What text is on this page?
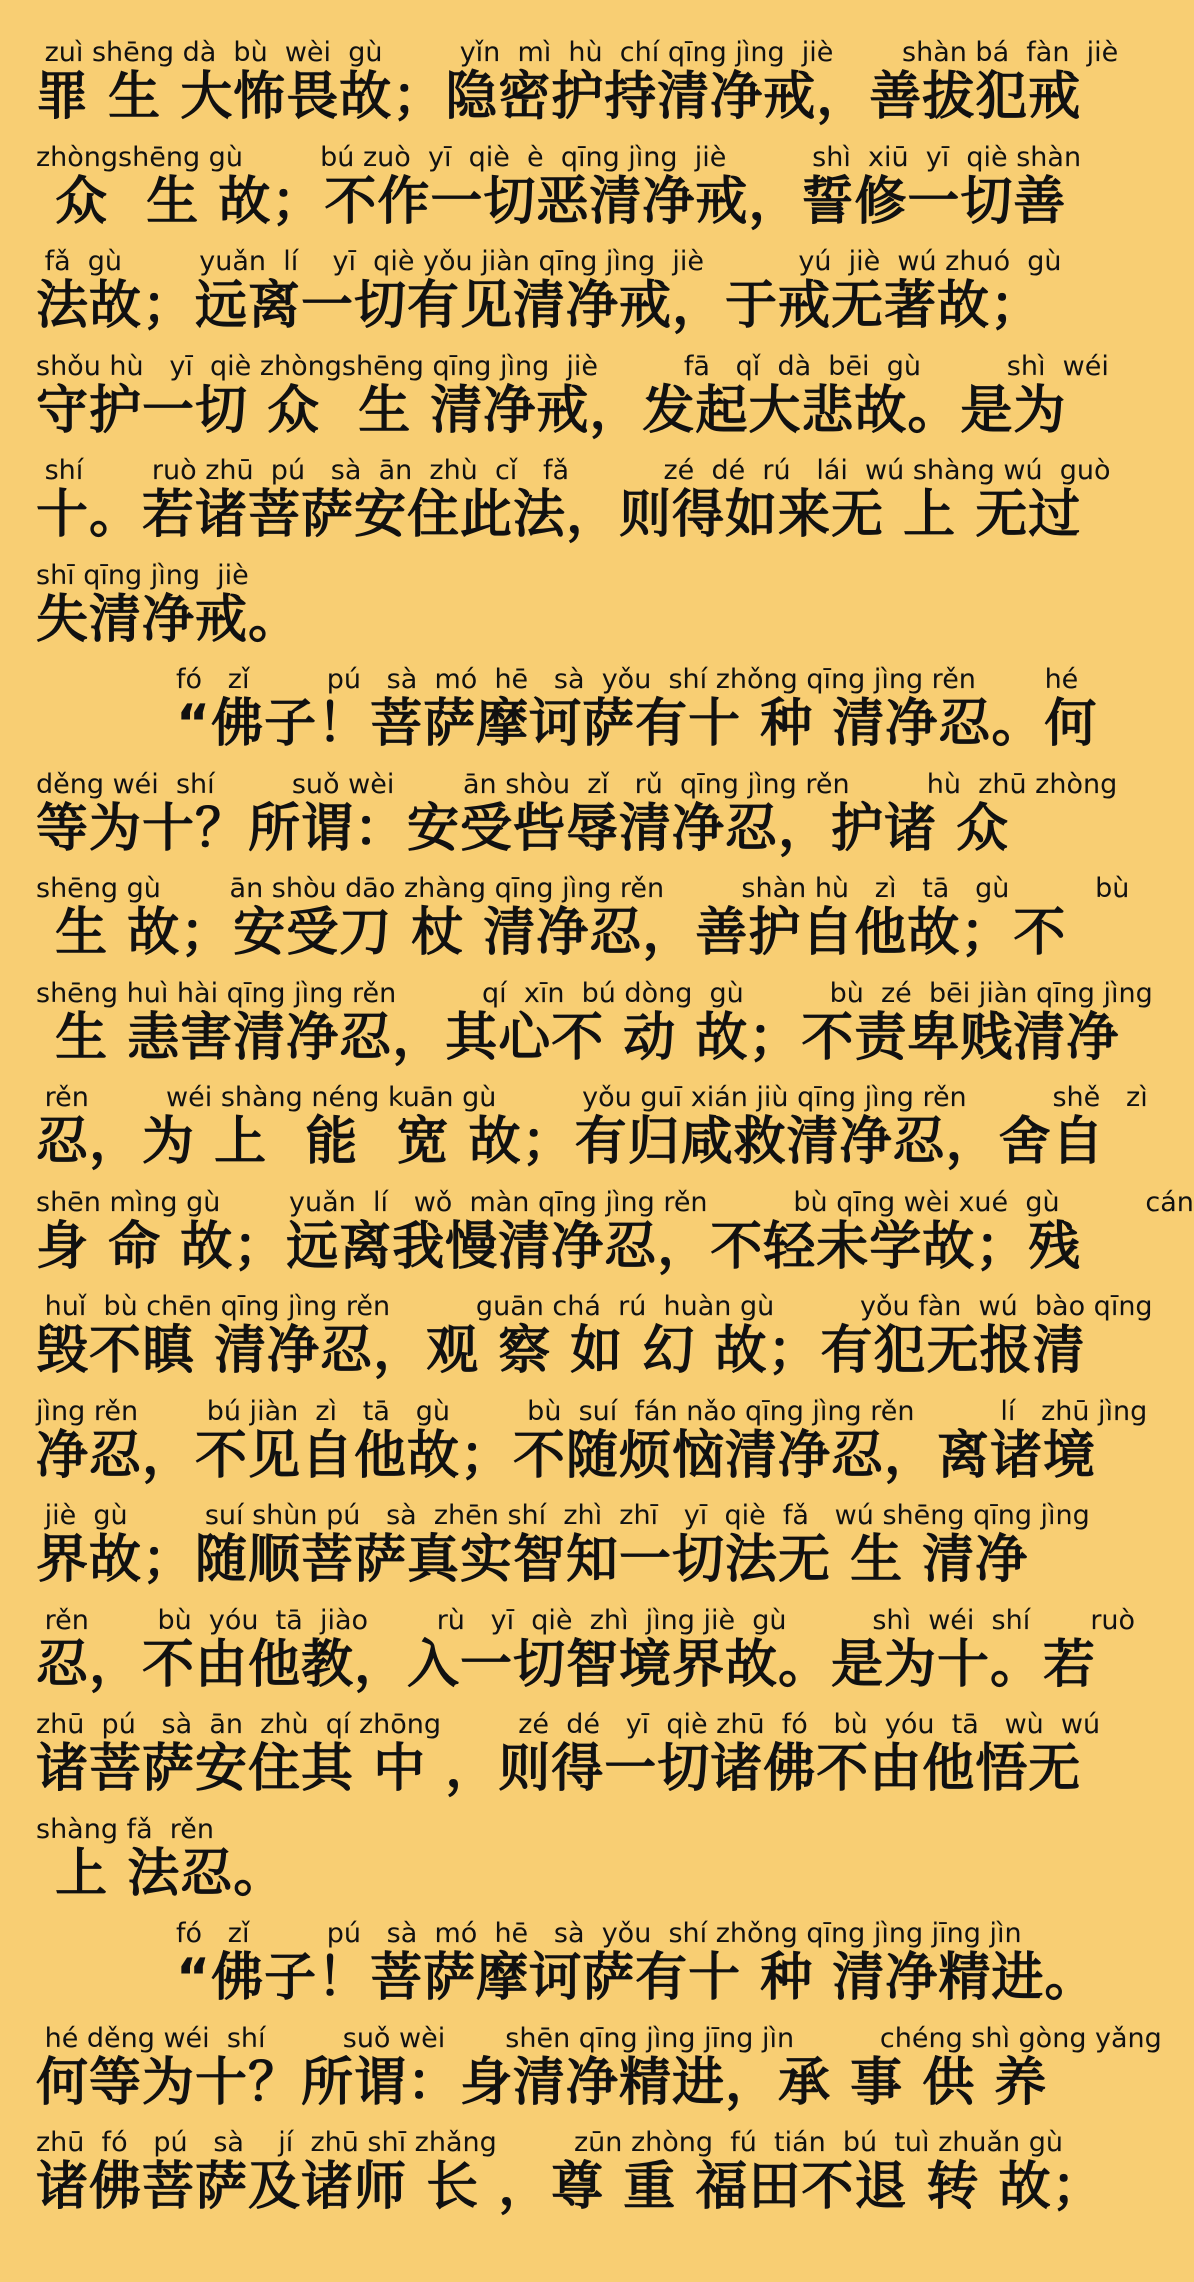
zuì shēng dà  bù  wèi  gù         yǐn  mì  hù  chí qīng jìng  jiè        shàn bá  fàn  jiè
罪 生 大怖畏故；隐密护持清净戒，善拔犯戒
zhòngshēng gù         bú zuò  yī  qiè  è  qīng jìng  jiè          shì  xiū  yī  qiè shàn
众  生 故；不作一切恶清净戒，誓修一切善
fǎ  gù         yuǎn  lí    yī  qiè yǒu jiàn qīng jìng  jiè           yú  jiè  wú zhuó  gù
法故；远离一切有见清净戒，于戒无著故；
shǒu hù   yī  qiè zhòngshēng qīng jìng  jiè          fā   qǐ  dà  bēi  gù          shì  wéi
守护一切 众  生 清净戒，发起大悲故。是为
shí        ruò zhū  pú   sà  ān  zhù  cǐ   fǎ           zé  dé  rú   lái  wú shàng wú  guò
十。若诸菩萨安住此法，则得如来无 上 无过
shī qīng jìng  jiè
失清净戒。
fó   zǐ         pú   sà  mó  hē   sà  yǒu  shí zhǒng qīng jìng rěn        hé
“佛子！菩萨摩诃萨有十 种 清净忍。何
děng wéi  shí         suǒ wèi        ān shòu  zǐ   rǔ  qīng jìng rěn         hù  zhū zhòng
等为十？所谓：安受呰辱清净忍，护诸 众
shēng gù        ān shòu dāo zhàng qīng jìng rěn         shàn hù   zì   tā   gù          bù
生 故；安受刀 杖 清净忍，善护自他故；不
shēng huì hài qīng jìng rěn          qí  xīn  bú dòng  gù          bù  zé  bēi jiàn qīng jìng
生 恚害清净忍，其心不 动 故；不责卑贱清净
rěn         wéi shàng néng kuān gù          yǒu guī xián jiù qīng jìng rěn          shě   zì
忍，为 上  能  宽 故；有归咸救清净忍，舍自
shēn mìng gù        yuǎn  lí   wǒ  màn qīng jìng rěn          bù qīng wèi xué  gù          cán
身 命 故；远离我慢清净忍，不轻未学故；残
huǐ  bù chēn qīng jìng rěn          guān chá  rú  huàn gù          yǒu fàn  wú  bào qīng
毁不瞋 清净忍，观 察 如 幻 故；有犯无报清
jìng rěn        bú jiàn  zì   tā   gù         bù  suí  fán nǎo qīng jìng rěn          lí   zhū jìng
净忍，不见自他故；不随烦恼清净忍，离诸境
jiè  gù         suí shùn pú   sà  zhēn shí  zhì  zhī   yī  qiè  fǎ   wú shēng qīng jìng
界故；随顺菩萨真实智知一切法无 生 清净
rěn        bù  yóu  tā  jiào        rù   yī  qiè  zhì  jìng jiè  gù          shì  wéi  shí       ruò
忍，不由他教，入一切智境界故。是为十。若
zhū  pú   sà  ān  zhù  qí zhōng         zé  dé   yī  qiè zhū  fó   bù  yóu  tā   wù  wú
诸菩萨安住其 中 ，则得一切诸佛不由他悟无
shàng fǎ  rěn
上 法忍。
fó   zǐ         pú   sà  mó  hē   sà  yǒu  shí zhǒng qīng jìng jīng jìn
“佛子！菩萨摩诃萨有十 种 清净精进。
hé děng wéi  shí         suǒ wèi       shēn qīng jìng jīng jìn          chéng shì gòng yǎng
何等为十？所谓：身清净精进，承 事 供 养
zhū  fó   pú   sà    jí  zhū shī zhǎng         zūn zhòng  fú  tián  bú  tuì zhuǎn gù
诸佛菩萨及诸师 长 ，尊 重 福田不退 转 故；
